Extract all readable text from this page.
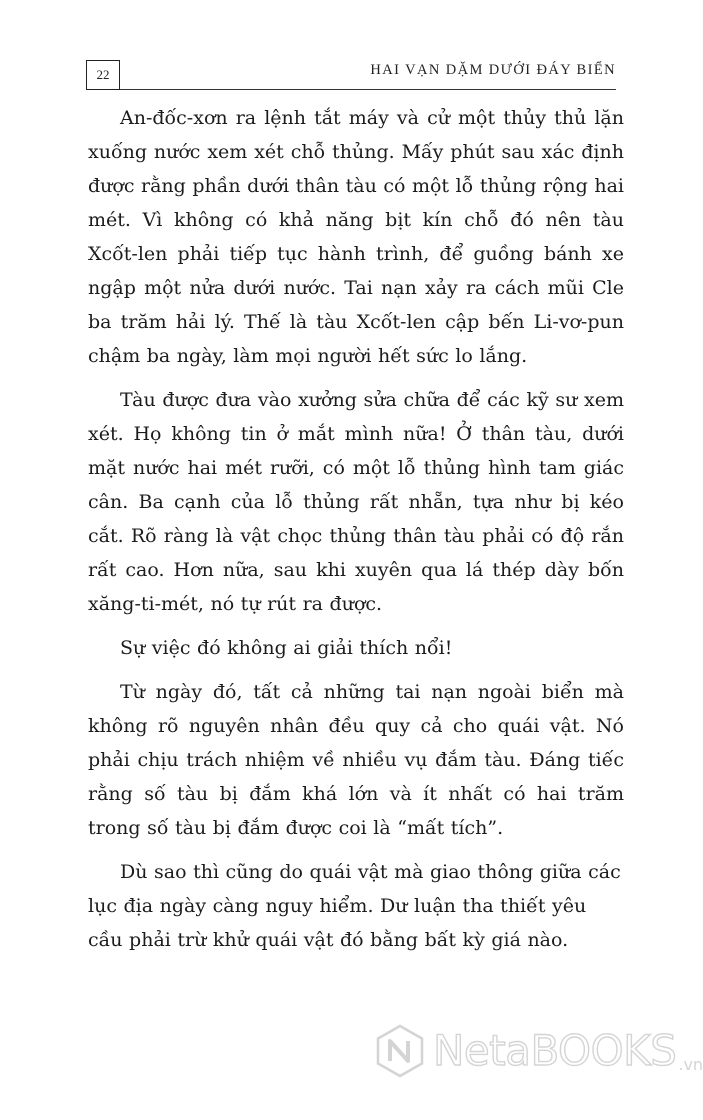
22	HAI VẠN DẶM DƯỚI ĐÁY BIỂN

An-đốc-xơn ra lệnh tắt máy và cử một thủy thủ lặn xuống nước xem xét chỗ thủng. Mấy phút sau xác định được rằng phần dưới thân tàu có một lỗ thủng rộng hai mét. Vì không có khả năng bịt kín chỗ đó nên tàu Xcốt-len phải tiếp tục hành trình, để guồng bánh xe ngập một nửa dưới nước. Tai nạn xảy ra cách mũi Cle ba trăm hải lý. Thế là tàu Xcốt-len cập bến Li-vơ-pun chậm ba ngày, làm mọi người hết sức lo lắng.

Tàu được đưa vào xưởng sửa chữa để các kỹ sư xem xét. Họ không tin ở mắt mình nữa! Ở thân tàu, dưới mặt nước hai mét rưỡi, có một lỗ thủng hình tam giác cân. Ba cạnh của lỗ thủng rất nhẵn, tựa như bị kéo cắt. Rõ ràng là vật chọc thủng thân tàu phải có độ rắn rất cao. Hơn nữa, sau khi xuyên qua lá thép dày bốn xăng-ti-mét, nó tự rút ra được.

Sự việc đó không ai giải thích nổi!

Từ ngày đó, tất cả những tai nạn ngoài biển mà không rõ nguyên nhân đều quy cả cho quái vật. Nó phải chịu trách nhiệm về nhiều vụ đắm tàu. Đáng tiếc rằng số tàu bị đắm khá lớn và ít nhất có hai trăm trong số tàu bị đắm được coi là “mất tích”.

Dù sao thì cũng do quái vật mà giao thông giữa các lục địa ngày càng nguy hiểm. Dư luận tha thiết yêu cầu phải trừ khử quái vật đó bằng bất kỳ giá nào.

NetaBOOKS .vn
